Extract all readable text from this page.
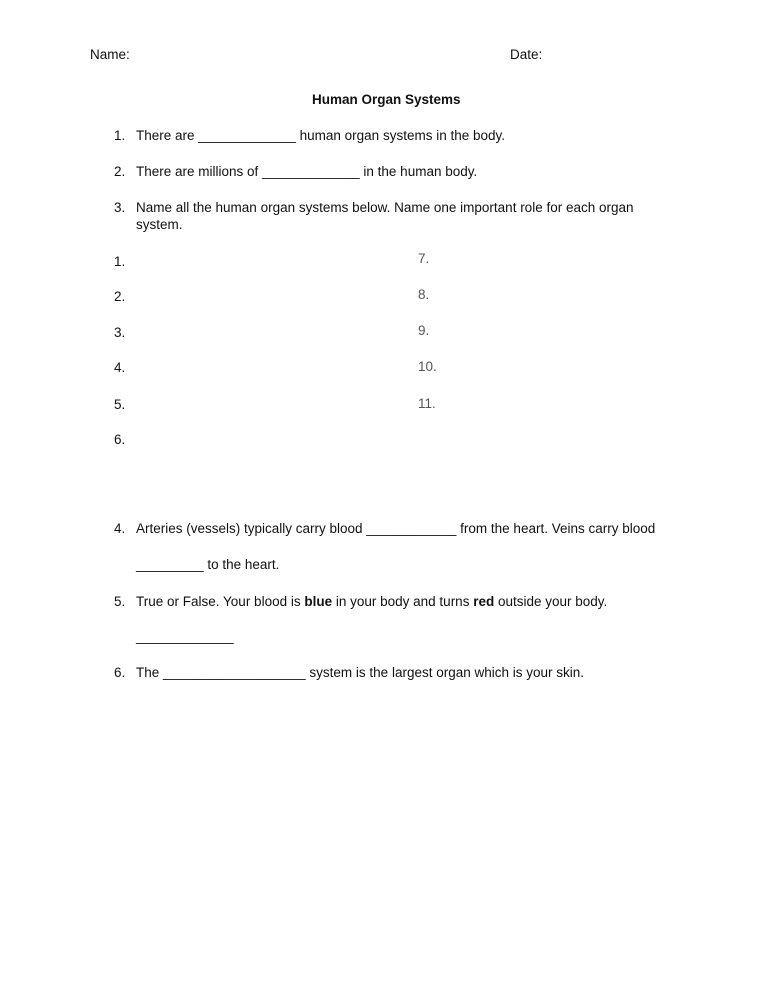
Name:	Date:
Human Organ Systems
1. There are _____________ human organ systems in the body.
2. There are millions of _____________ in the human body.
3. Name all the human organ systems below. Name one important role for each organ
system.
1.
2.
3.
4.
5.
6.
7.
8.
9.
10.
11.
4. Arteries (vessels) typically carry blood ____________ from the heart. Veins carry blood
_________ to the heart.
5. True or False. Your blood is blue in your body and turns red outside your body.
_____________
6. The ___________________ system is the largest organ which is your skin.
